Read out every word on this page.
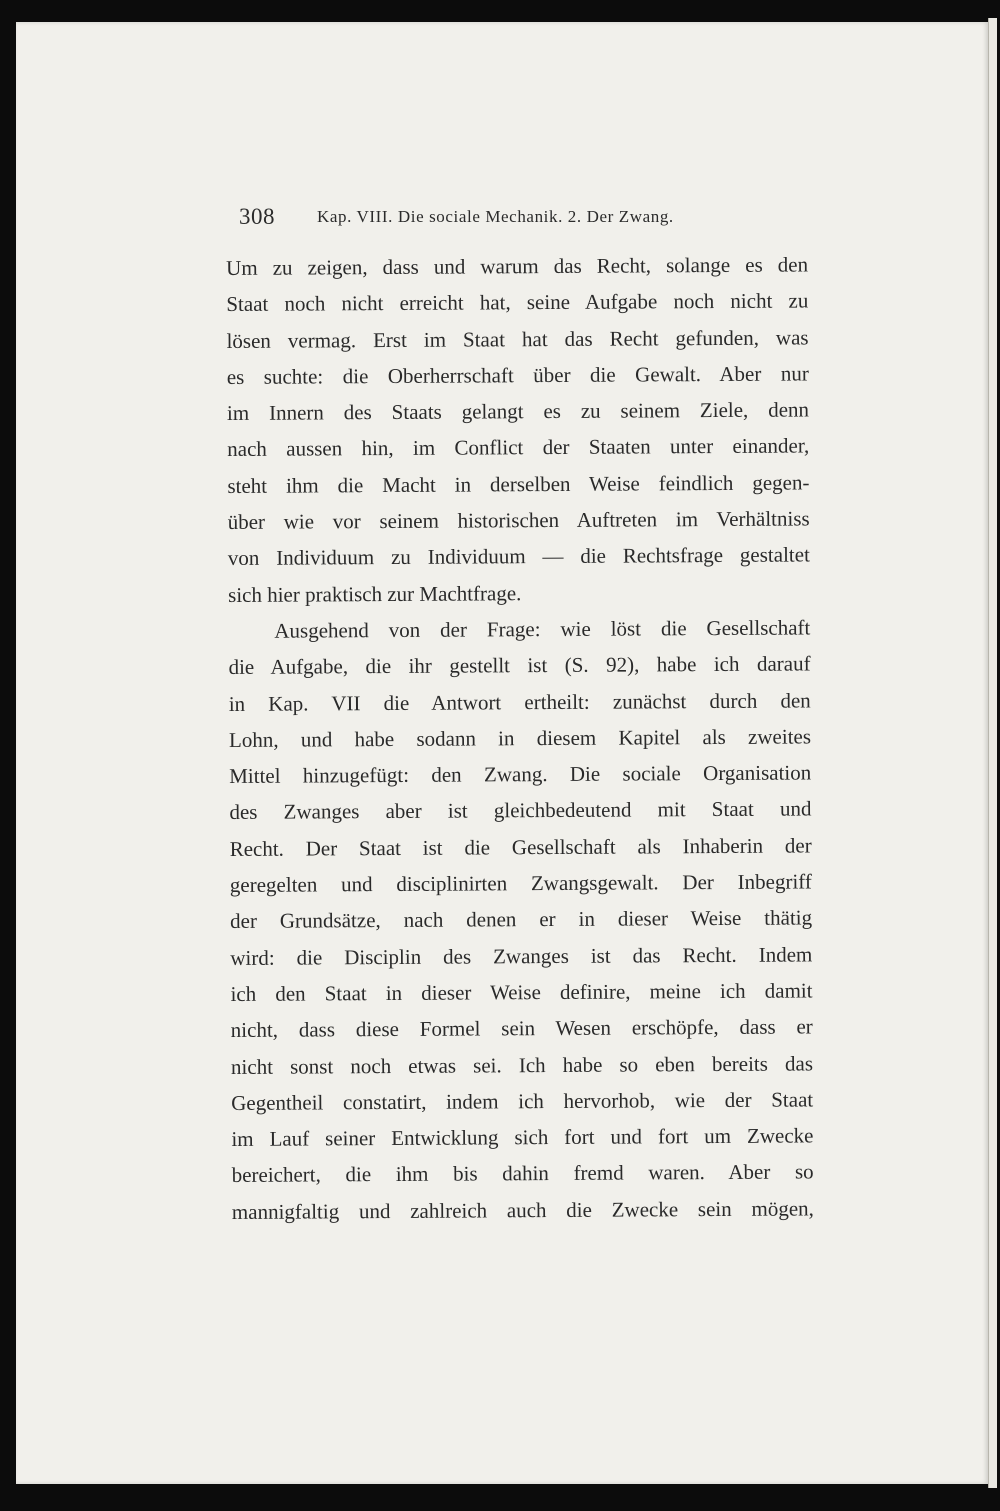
308 Kap. VIII. Die sociale Mechanik. 2. Der Zwang.
Um zu zeigen, dass und warum das Recht, solange es den
Staat noch nicht erreicht hat, seine Aufgabe noch nicht zu
lösen vermag. Erst im Staat hat das Recht gefunden, was
es suchte: die Oberherrschaft über die Gewalt. Aber nur
im Innern des Staats gelangt es zu seinem Ziele, denn
nach aussen hin, im Conflict der Staaten unter einander,
steht ihm die Macht in derselben Weise feindlich gegen-
über wie vor seinem historischen Auftreten im Verhältniss
von Individuum zu Individuum — die Rechtsfrage gestaltet
sich hier praktisch zur Machtfrage.
Ausgehend von der Frage: wie löst die Gesellschaft
die Aufgabe, die ihr gestellt ist (S. 92), habe ich darauf
in Kap. VII die Antwort ertheilt: zunächst durch den
Lohn, und habe sodann in diesem Kapitel als zweites
Mittel hinzugefügt: den Zwang. Die sociale Organisation
des Zwanges aber ist gleichbedeutend mit Staat und
Recht. Der Staat ist die Gesellschaft als Inhaberin der
geregelten und disciplinirten Zwangsgewalt. Der Inbegriff
der Grundsätze, nach denen er in dieser Weise thätig
wird: die Disciplin des Zwanges ist das Recht. Indem
ich den Staat in dieser Weise definire, meine ich damit
nicht, dass diese Formel sein Wesen erschöpfe, dass er
nicht sonst noch etwas sei. Ich habe so eben bereits das
Gegentheil constatirt, indem ich hervorhob, wie der Staat
im Lauf seiner Entwicklung sich fort und fort um Zwecke
bereichert, die ihm bis dahin fremd waren. Aber so
mannigfaltig und zahlreich auch die Zwecke sein mögen,
